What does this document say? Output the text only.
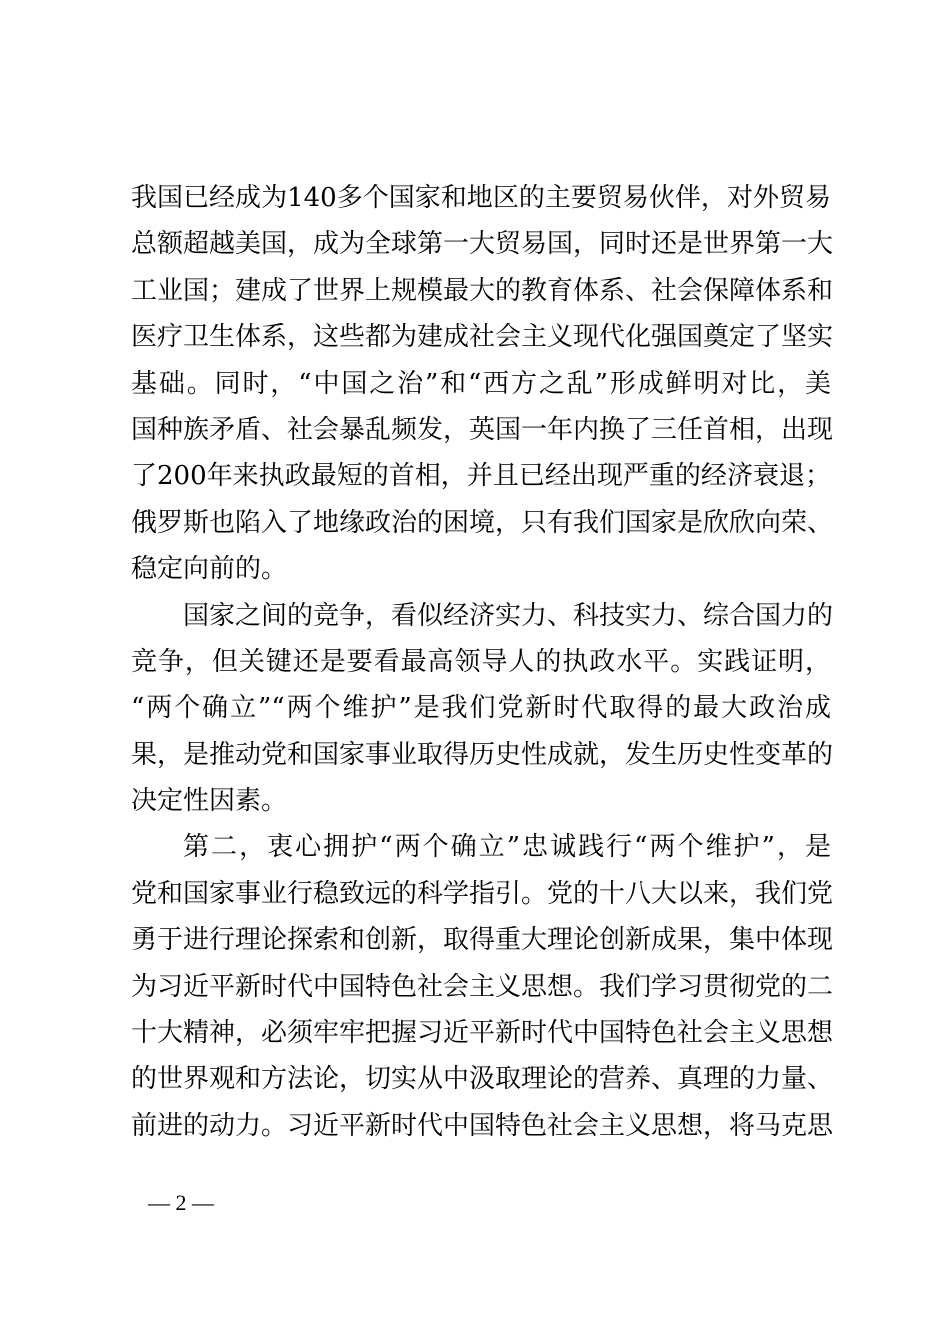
我国已经成为140多个国家和地区的主要贸易伙伴，对外贸易
总额超越美国，成为全球第一大贸易国，同时还是世界第一大
工业国；建成了世界上规模最大的教育体系、社会保障体系和
医疗卫生体系，这些都为建成社会主义现代化强国奠定了坚实
基础。同时，“中国之治”和“西方之乱”形成鲜明对比，美
国种族矛盾、社会暴乱频发，英国一年内换了三任首相，出现
了200年来执政最短的首相，并且已经出现严重的经济衰退；
俄罗斯也陷入了地缘政治的困境，只有我们国家是欣欣向荣、
稳定向前的。
国家之间的竞争，看似经济实力、科技实力、综合国力的
竞争，但关键还是要看最高领导人的执政水平。实践证明，
“两个确立”“两个维护”是我们党新时代取得的最大政治成
果，是推动党和国家事业取得历史性成就，发生历史性变革的
决定性因素。
第二，衷心拥护“两个确立”忠诚践行“两个维护”，是
党和国家事业行稳致远的科学指引。党的十八大以来，我们党
勇于进行理论探索和创新，取得重大理论创新成果，集中体现
为习近平新时代中国特色社会主义思想。我们学习贯彻党的二
十大精神，必须牢牢把握习近平新时代中国特色社会主义思想
的世界观和方法论，切实从中汲取理论的营养、真理的力量、
前进的动力。习近平新时代中国特色社会主义思想，将马克思
— 2 —
